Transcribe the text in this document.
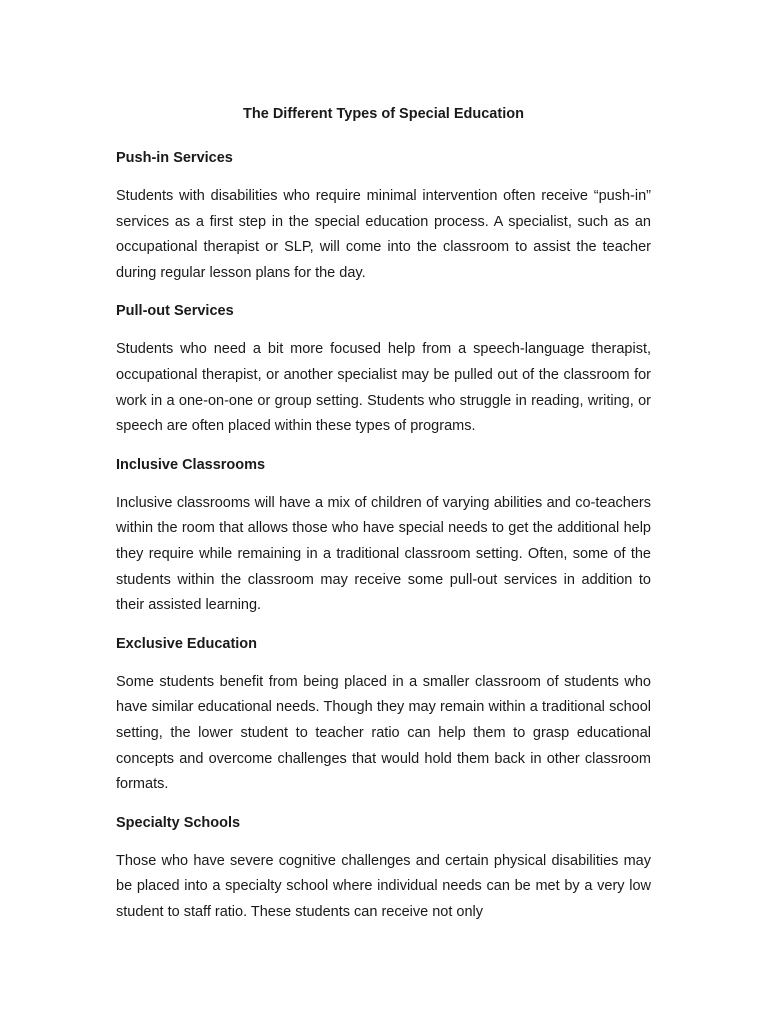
The Different Types of Special Education
Push-in Services

Students with disabilities who require minimal intervention often receive “push-in” services as a first step in the special education process. A specialist, such as an occupational therapist or SLP, will come into the classroom to assist the teacher during regular lesson plans for the day.

Pull-out Services

Students who need a bit more focused help from a speech-language therapist, occupational therapist, or another specialist may be pulled out of the classroom for work in a one-on-one or group setting. Students who struggle in reading, writing, or speech are often placed within these types of programs.

Inclusive Classrooms

Inclusive classrooms will have a mix of children of varying abilities and co-teachers within the room that allows those who have special needs to get the additional help they require while remaining in a traditional classroom setting. Often, some of the students within the classroom may receive some pull-out services in addition to their assisted learning.

Exclusive Education

Some students benefit from being placed in a smaller classroom of students who have similar educational needs. Though they may remain within a traditional school setting, the lower student to teacher ratio can help them to grasp educational concepts and overcome challenges that would hold them back in other classroom formats.

Specialty Schools

Those who have severe cognitive challenges and certain physical disabilities may be placed into a specialty school where individual needs can be met by a very low student to staff ratio. These students can receive not only
